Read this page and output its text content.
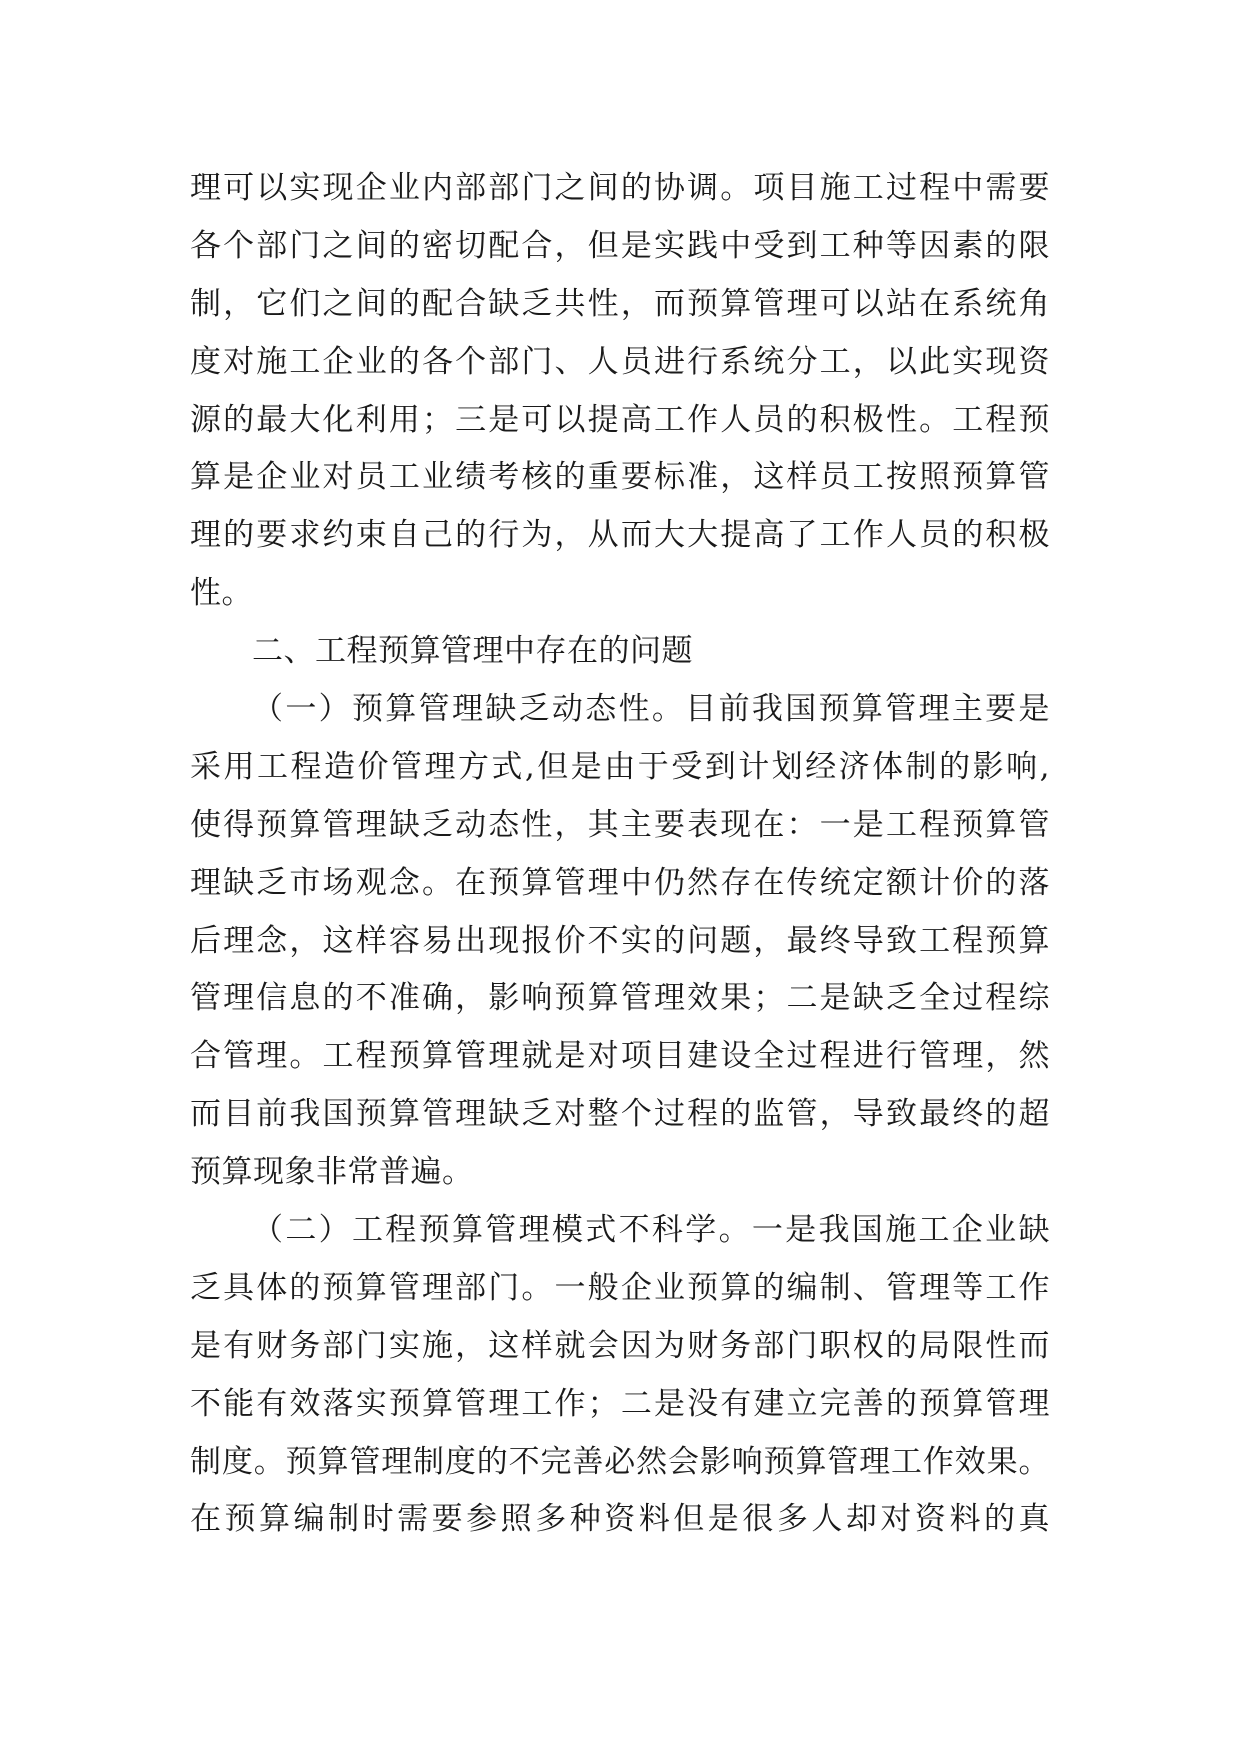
理可以实现企业内部部门之间的协调。项目施工过程中需要
各个部门之间的密切配合，但是实践中受到工种等因素的限
制，它们之间的配合缺乏共性，而预算管理可以站在系统角
度对施工企业的各个部门、人员进行系统分工，以此实现资
源的最大化利用；三是可以提高工作人员的积极性。工程预
算是企业对员工业绩考核的重要标准，这样员工按照预算管
理的要求约束自己的行为，从而大大提高了工作人员的积极
性。
二、工程预算管理中存在的问题
（一）预算管理缺乏动态性。目前我国预算管理主要是
采用工程造价管理方式,但是由于受到计划经济体制的影响,
使得预算管理缺乏动态性，其主要表现在：一是工程预算管
理缺乏市场观念。在预算管理中仍然存在传统定额计价的落
后理念，这样容易出现报价不实的问题，最终导致工程预算
管理信息的不准确，影响预算管理效果；二是缺乏全过程综
合管理。工程预算管理就是对项目建设全过程进行管理，然
而目前我国预算管理缺乏对整个过程的监管，导致最终的超
预算现象非常普遍。
（二）工程预算管理模式不科学。一是我国施工企业缺
乏具体的预算管理部门。一般企业预算的编制、管理等工作
是有财务部门实施，这样就会因为财务部门职权的局限性而
不能有效落实预算管理工作；二是没有建立完善的预算管理
制度。预算管理制度的不完善必然会影响预算管理工作效果。
在预算编制时需要参照多种资料但是很多人却对资料的真
